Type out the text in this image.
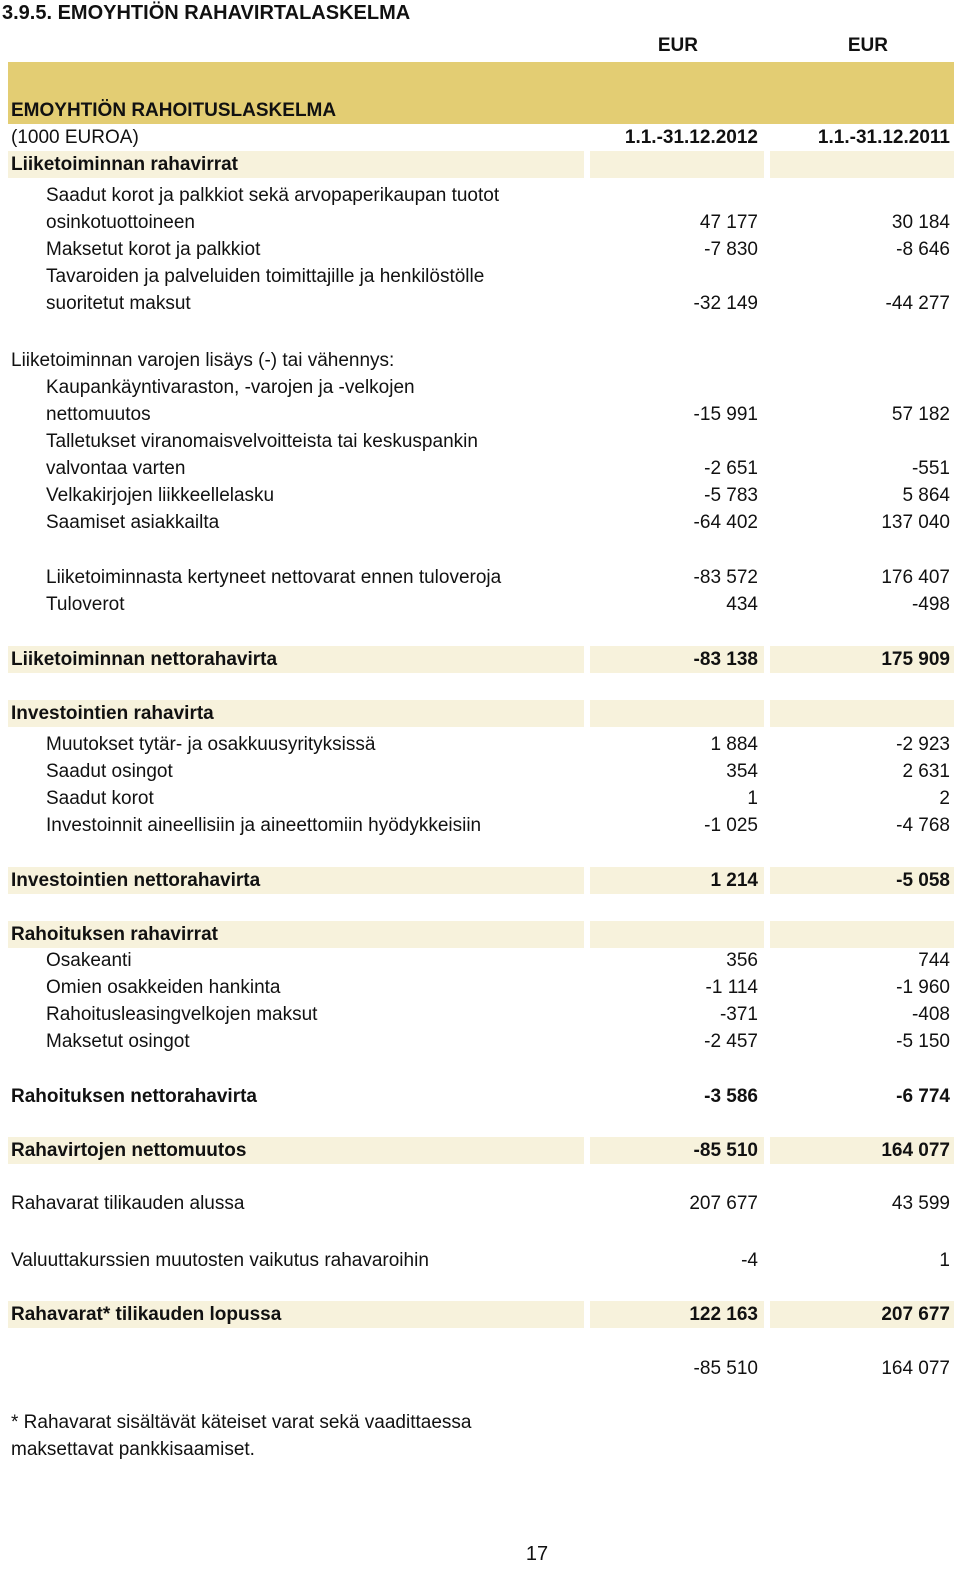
3.9.5. EMOYHTIÖN RAHAVIRTALASKELMA
EUR	EUR
EMOYHTIÖN RAHOITUSLASKELMA
(1000 EUROA)	1.1.-31.12.2012	1.1.-31.12.2011
Liiketoiminnan rahavirrat
Saadut korot ja palkkiot sekä arvopaperikaupan tuotot
osinkotuottoineen	47 177	30 184
Maksetut korot ja palkkiot	-7 830	-8 646
Tavaroiden ja palveluiden toimittajille ja henkilöstölle
suoritetut maksut	-32 149	-44 277
Liiketoiminnan varojen lisäys (-) tai vähennys:
Kaupankäyntivaraston, -varojen ja -velkojen
nettomuutos	-15 991	57 182
Talletukset viranomaisvelvoitteista tai keskuspankin
valvontaa varten	-2 651	-551
Velkakirjojen liikkeellelasku	-5 783	5 864
Saamiset asiakkailta	-64 402	137 040
Liiketoiminnasta kertyneet nettovarat ennen tuloveroja	-83 572	176 407
Tuloverot	434	-498
Liiketoiminnan nettorahavirta	-83 138	175 909
Investointien rahavirta
Muutokset tytär- ja osakkuusyrityksissä	1 884	-2 923
Saadut osingot	354	2 631
Saadut korot	1	2
Investoinnit aineellisiin ja aineettomiin hyödykkeisiin	-1 025	-4 768
Investointien nettorahavirta	1 214	-5 058
Rahoituksen rahavirrat
Osakeanti	356	744
Omien osakkeiden hankinta	-1 114	-1 960
Rahoitusleasingvelkojen maksut	-371	-408
Maksetut osingot	-2 457	-5 150
Rahoituksen nettorahavirta	-3 586	-6 774
Rahavirtojen nettomuutos	-85 510	164 077
Rahavarat tilikauden alussa	207 677	43 599
Valuuttakurssien muutosten vaikutus rahavaroihin	-4	1
Rahavarat* tilikauden lopussa	122 163	207 677
-85 510	164 077
* Rahavarat sisältävät käteiset varat sekä vaadittaessa maksettavat pankkisaamiset.
17
